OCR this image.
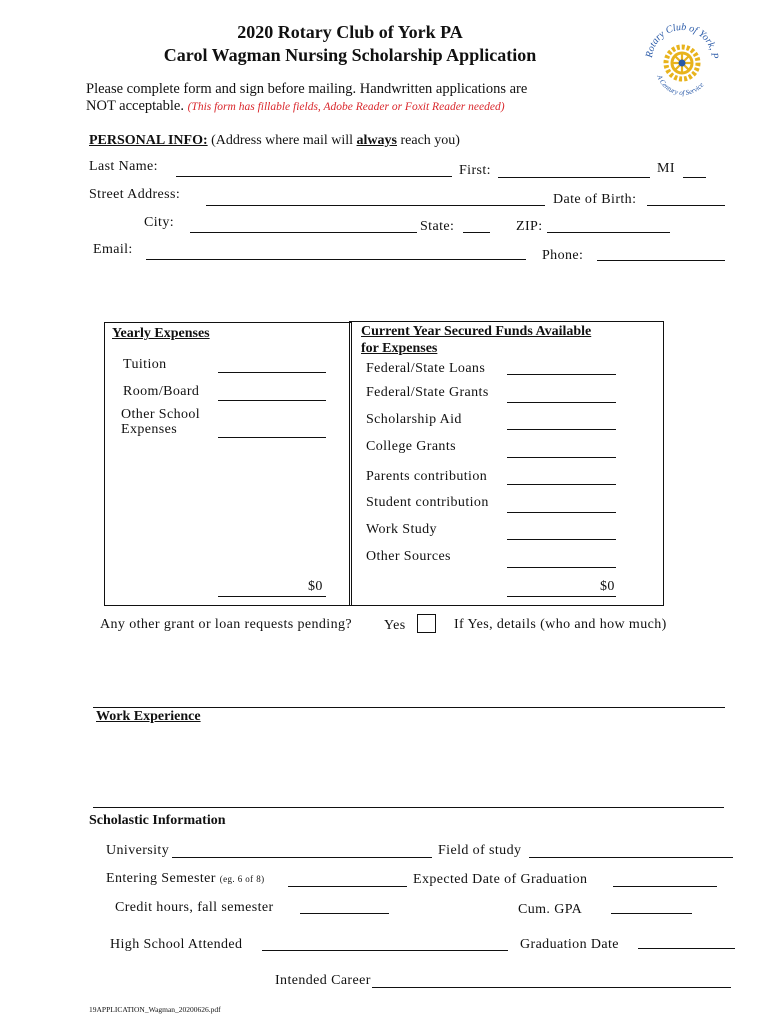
2020 Rotary Club of York PA
Carol Wagman Nursing Scholarship Application	Rotary Club of York, P
A Century of Service
Please complete form and sign before mailing. Handwritten applications are
NOT acceptable. (This form has fillable fields, Adobe Reader or Foxit Reader needed)
PERSONAL INFO: (Address where mail will always reach you)
Last Name:	First:	MI
Street Address:	Date of Birth:
City:	State:	ZIP:
Email:	Phone:
Yearly Expenses
Tuition
Room/Board
Other School
Expenses
$0
Current Year Secured Funds Available
for Expenses
Federal/State Loans
Federal/State Grants
Scholarship Aid
College Grants
Parents contribution
Student contribution
Work Study
Other Sources
$0
Any other grant or loan requests pending? Yes	If Yes, details (who and how much)
Work Experience
Scholastic Information
University	Field of study
Entering Semester (eg. 6 of 8)	Expected Date of Graduation
Credit hours, fall semester	Cum. GPA
High School Attended	Graduation Date
Intended Career
19APPLICATION_Wagman_20200626.pdf
